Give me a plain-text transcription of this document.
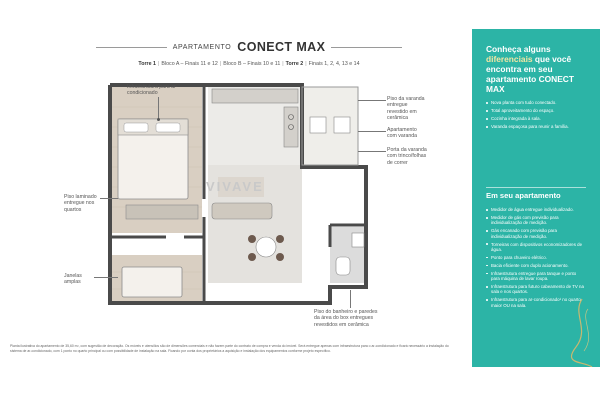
APARTAMENTO CONECT MAX
Torre 1 | Bloco A – Finais 11 e 12 | Bloco B – Finais 10 e 11 | Torre 2 | Finais 1, 2, 4, 13 e 14
VIVAVE
Infraestrutura para ar-condicionado
Piso da varanda entregue revestido em cerâmica
Apartamento com varanda
Porta da varanda com trinco/folhas de correr
Piso laminado entregue nos quartos
Janelas amplas
Piso do banheiro e paredes da área do box entregues revestidos em cerâmica
Planta ilustrativa do apartamento de 35,60 m², com sugestão de decoração. Os móveis e utensílios são de dimensões comerciais e não fazem parte do contrato de compra e venda do imóvel. Será entregue apenas com infraestrutura para o ar-condicionado e ficará necessário a instalação do sistema de ar-condicionado, com 1 ponto no quarto principal ou com possibilidade de instalação na sala. Ficando por conta dos proprietários a aquisição e instalação dos equipamentos conforme projeto específico.
Conheça alguns diferenciais que você encontra em seu apartamento CONECT MAX
Nova planta com tudo conectado.
Total aproveitamento do espaço.
Cozinha integrada à sala.
Varanda espaçosa para reunir a família.
Em seu apartamento
Medidor de água entregue individualizado.
Medidor de gás com previsão para individualização de medição.
Gás encanado com previsão para individualização de medição.
Torneiras com dispositivos economizadores de água.
Ponto para chuveiro elétrico.
Bacia eficiente com duplo acionamento.
Infraestrutura entregue para tanque e ponto para máquina de lavar roupa.
Infraestrutura para futuro cabeamento de TV na sala e nos quartos.
Infraestrutura para ar-condicionado¹ no quarto maior OU na sala.
